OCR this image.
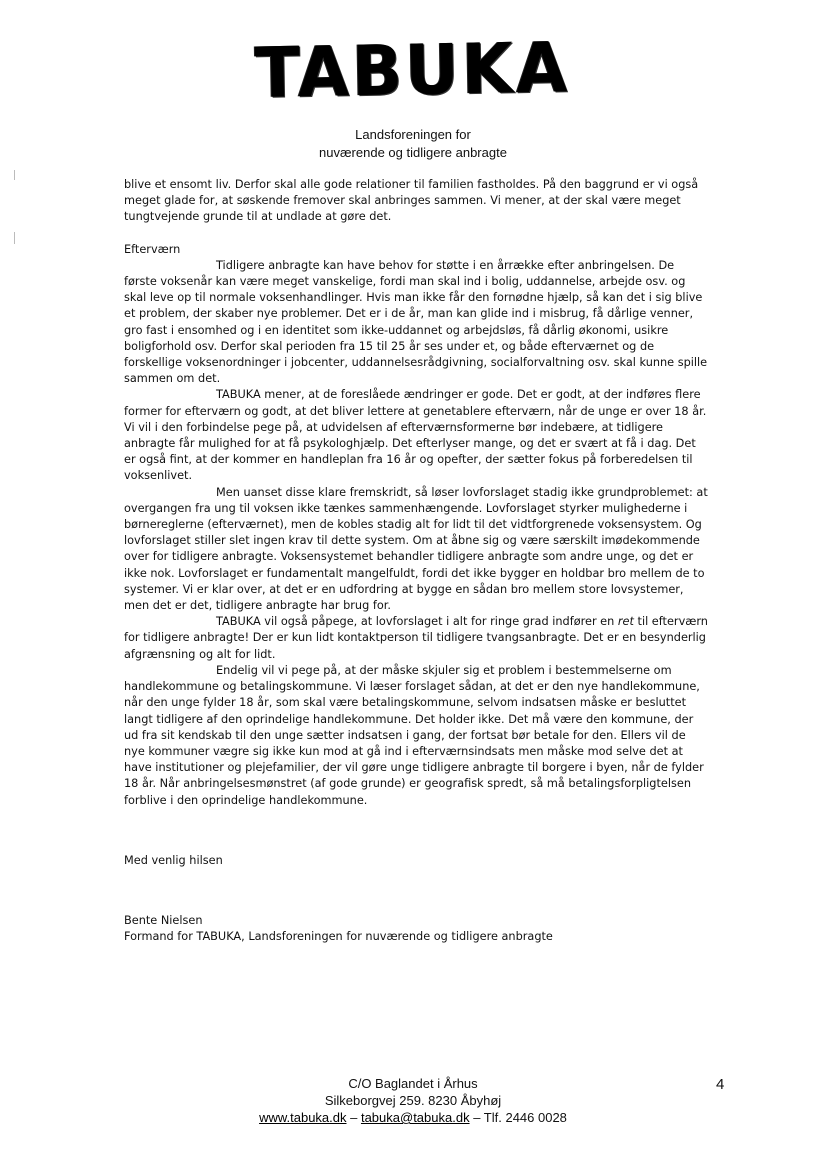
TABUKA
Landsforeningen for
nuværende og tidligere anbragte

blive et ensomt liv. Derfor skal alle gode relationer til familien fastholdes. På den baggrund er vi også meget glade for, at søskende fremover skal anbringes sammen. Vi mener, at der skal være meget tungtvejende grunde til at undlade at gøre det.

Efterværn

Tidligere anbragte kan have behov for støtte i en årrække efter anbringelsen. De første voksenår kan være meget vanskelige, fordi man skal ind i bolig, uddannelse, arbejde osv. og skal leve op til normale voksenhandlinger. Hvis man ikke får den fornødne hjælp, så kan det i sig blive et problem, der skaber nye problemer. Det er i de år, man kan glide ind i misbrug, få dårlige venner, gro fast i ensomhed og i en identitet som ikke-uddannet og arbejdsløs, få dårlig økonomi, usikre boligforhold osv. Derfor skal perioden fra 15 til 25 år ses under et, og både efterværnet og de forskellige voksenordninger i jobcenter, uddannelsesrådgivning, socialforvaltning osv. skal kunne spille sammen om det.

TABUKA mener, at de foreslåede ændringer er gode. Det er godt, at der indføres flere former for efterværn og godt, at det bliver lettere at genetablere efterværn, når de unge er over 18 år. Vi vil i den forbindelse pege på, at udvidelsen af efterværnsformerne bør indebære, at tidligere anbragte får mulighed for at få psykologhjælp. Det efterlyser mange, og det er svært at få i dag. Det er også fint, at der kommer en handleplan fra 16 år og opefter, der sætter fokus på forberedelsen til voksenlivet.

Men uanset disse klare fremskridt, så løser lovforslaget stadig ikke grundproblemet: at overgangen fra ung til voksen ikke tænkes sammenhængende. Lovforslaget styrker mulighederne i børnereglerne (efterværnet), men de kobles stadig alt for lidt til det vidtforgrenede voksensystem. Og lovforslaget stiller slet ingen krav til dette system. Om at åbne sig og være særskilt imødekommende over for tidligere anbragte. Voksensystemet behandler tidligere anbragte som andre unge, og det er ikke nok. Lovforslaget er fundamentalt mangelfuldt, fordi det ikke bygger en holdbar bro mellem de to systemer. Vi er klar over, at det er en udfordring at bygge en sådan bro mellem store lovsystemer, men det er det, tidligere anbragte har brug for.

TABUKA vil også påpege, at lovforslaget i alt for ringe grad indfører en ret til efterværn for tidligere anbragte! Der er kun lidt kontaktperson til tidligere tvangsanbragte. Det er en besynderlig afgrænsning og alt for lidt.

Endelig vil vi pege på, at der måske skjuler sig et problem i bestemmelserne om handlekommune og betalingskommune. Vi læser forslaget sådan, at det er den nye handlekommune, når den unge fylder 18 år, som skal være betalingskommune, selvom indsatsen måske er besluttet langt tidligere af den oprindelige handlekommune. Det holder ikke. Det må være den kommune, der ud fra sit kendskab til den unge sætter indsatsen i gang, der fortsat bør betale for den. Ellers vil de nye kommuner vægre sig ikke kun mod at gå ind i efterværnsindsats men måske mod selve det at have institutioner og plejefamilier, der vil gøre unge tidligere anbragte til borgere i byen, når de fylder 18 år. Når anbringelsesmønstret (af gode grunde) er geografisk spredt, så må betalingsforpligtelsen forblive i den oprindelige handlekommune.

Med venlig hilsen

Bente Nielsen

Formand for TABUKA, Landsforeningen for nuværende og tidligere anbragte

C/O Baglandet i Århus
Silkeborgvej 259. 8230 Åbyhøj
www.tabuka.dk – tabuka@tabuka.dk – Tlf. 2446 0028
4
